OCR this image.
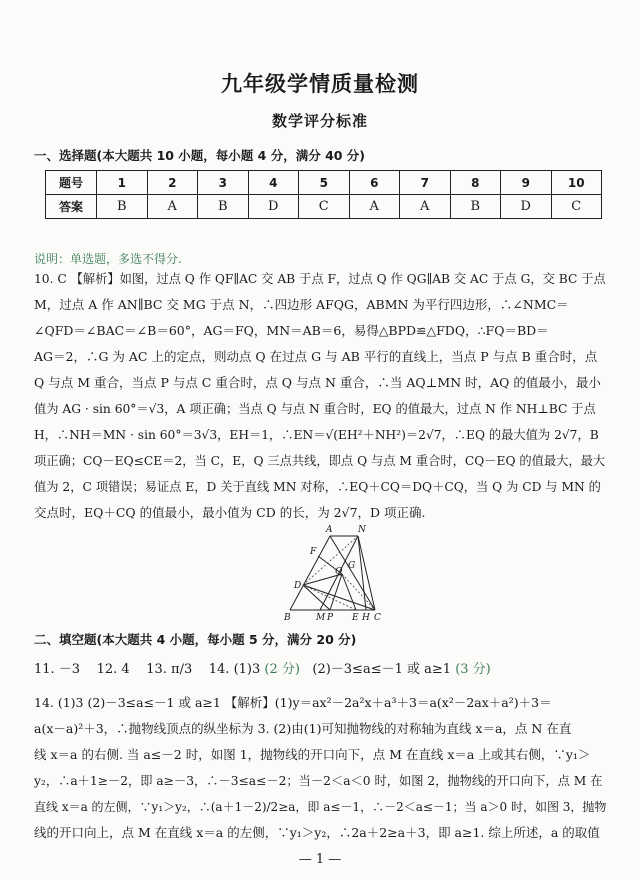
九年级学情质量检测
数学评分标准
一、选择题(本大题共 10 小题，每小题 4 分，满分 40 分)
题号	1	2	3	4	5	6	7	8	9	10
答案	B	A	B	D	C	A	A	B	D	C
说明：单选题，多选不得分.
10. C 【解析】如图，过点 Q 作 QF∥AC 交 AB 于点 F，过点 Q 作 QG∥AB 交 AC 于点 G，交 BC 于点
M，过点 A 作 AN∥BC 交 MG 于点 N，∴四边形 AFQG，ABMN 为平行四边形，∴∠NMC＝
∠QFD＝∠BAC＝∠B＝60°，AG＝FQ，MN＝AB＝6，易得△BPD≌△FDQ，∴FQ＝BD＝
AG＝2，∴G 为 AC 上的定点，则动点 Q 在过点 G 与 AB 平行的直线上，当点 P 与点 B 重合时，点
Q 与点 M 重合，当点 P 与点 C 重合时，点 Q 与点 N 重合，∴当 AQ⊥MN 时，AQ 的值最小，最小
值为 AG · sin 60°＝√3，A 项正确；当点 Q 与点 N 重合时，EQ 的值最大，过点 N 作 NH⊥BC 于点
H，∴NH＝MN · sin 60°＝3√3，EH＝1，∴EN＝√(EH²＋NH²)＝2√7，∴EQ 的最大值为 2√7，B
项正确；CQ－EQ≤CE＝2，当 C，E，Q 三点共线，即点 Q 与点 M 重合时，CQ－EQ 的值最大，最大
值为 2，C 项错误；易证点 E，D 关于直线 MN 对称，∴EQ＋CQ＝DQ＋CQ，当 Q 为 CD 与 MN 的
交点时，EQ＋CQ 的值最小，最小值为 CD 的长，为 2√7，D 项正确.
A	N
F
G
Q
D
B	M P E H C
二、填空题(本大题共 4 小题，每小题 5 分，满分 20 分)
11. －3 12. 4 13. π/3 14. (1)3 (2 分) (2)－3≤a≤－1 或 a≥1 (3 分)
14. (1)3 (2)－3≤a≤－1 或 a≥1 【解析】(1)y＝ax²－2a²x＋a³＋3＝a(x²－2ax＋a²)＋3＝
a(x－a)²＋3，∴抛物线顶点的纵坐标为 3. (2)由(1)可知抛物线的对称轴为直线 x＝a，点 N 在直
线 x＝a 的右侧. 当 a≤－2 时，如图 1，抛物线的开口向下，点 M 在直线 x＝a 上或其右侧，∵y₁＞
y₂，∴a＋1≥－2，即 a≥－3，∴－3≤a≤－2；当－2＜a＜0 时，如图 2，抛物线的开口向下，点 M 在
直线 x＝a 的左侧，∵y₁＞y₂，∴(a＋1－2)/2≥a，即 a≤－1，∴－2＜a≤－1；当 a＞0 时，如图 3，抛物
线的开口向上，点 M 在直线 x＝a 的左侧，∵y₁＞y₂，∴2a＋2≥a＋3，即 a≥1. 综上所述，a 的取值
— 1 —
